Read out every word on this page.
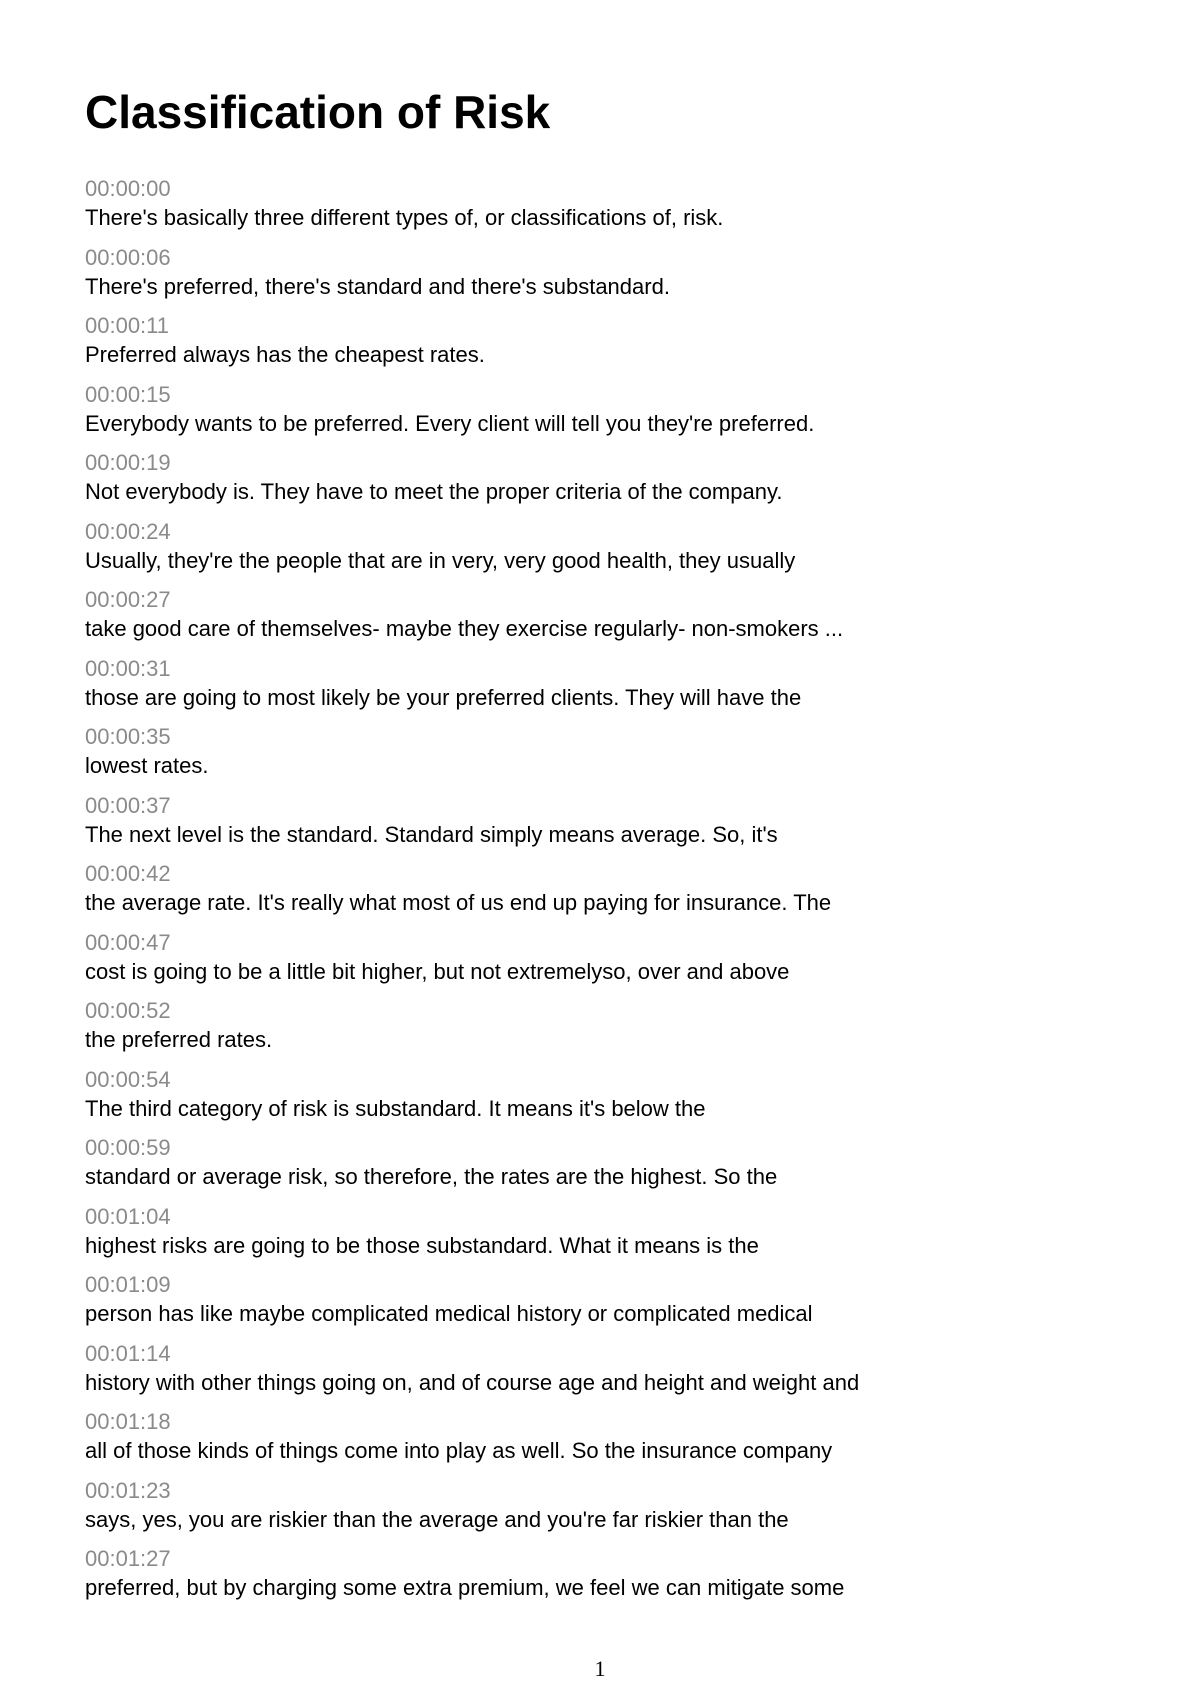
Classification of Risk
00:00:00
There's basically three different types of, or classifications of, risk.
00:00:06
There's preferred, there's standard and there's substandard.
00:00:11
Preferred always has the cheapest rates.
00:00:15
Everybody wants to be preferred. Every client will tell you they're preferred.
00:00:19
Not everybody is. They have to meet the proper criteria of the company.
00:00:24
Usually, they're the people that are in very, very good health, they usually
00:00:27
take good care of themselves- maybe they exercise regularly- non-smokers ...
00:00:31
those are going to most likely be your preferred clients. They will have the
00:00:35
lowest rates.
00:00:37
The next level is the standard. Standard simply means average. So, it's
00:00:42
the average rate. It's really what most of us end up paying for insurance. The
00:00:47
cost is going to be a little bit higher, but not extremelyso, over and above
00:00:52
the preferred rates.
00:00:54
The third category of risk is substandard. It means it's below the
00:00:59
standard or average risk, so therefore, the rates are the highest. So the
00:01:04
highest risks are going to be those substandard. What it means is the
00:01:09
person has like maybe complicated medical history or complicated medical
00:01:14
history with other things going on, and of course age and height and weight and
00:01:18
all of those kinds of things come into play as well. So the insurance company
00:01:23
says, yes, you are riskier than the average and you're far riskier than the
00:01:27
preferred, but by charging some extra premium, we feel we can mitigate some
1
